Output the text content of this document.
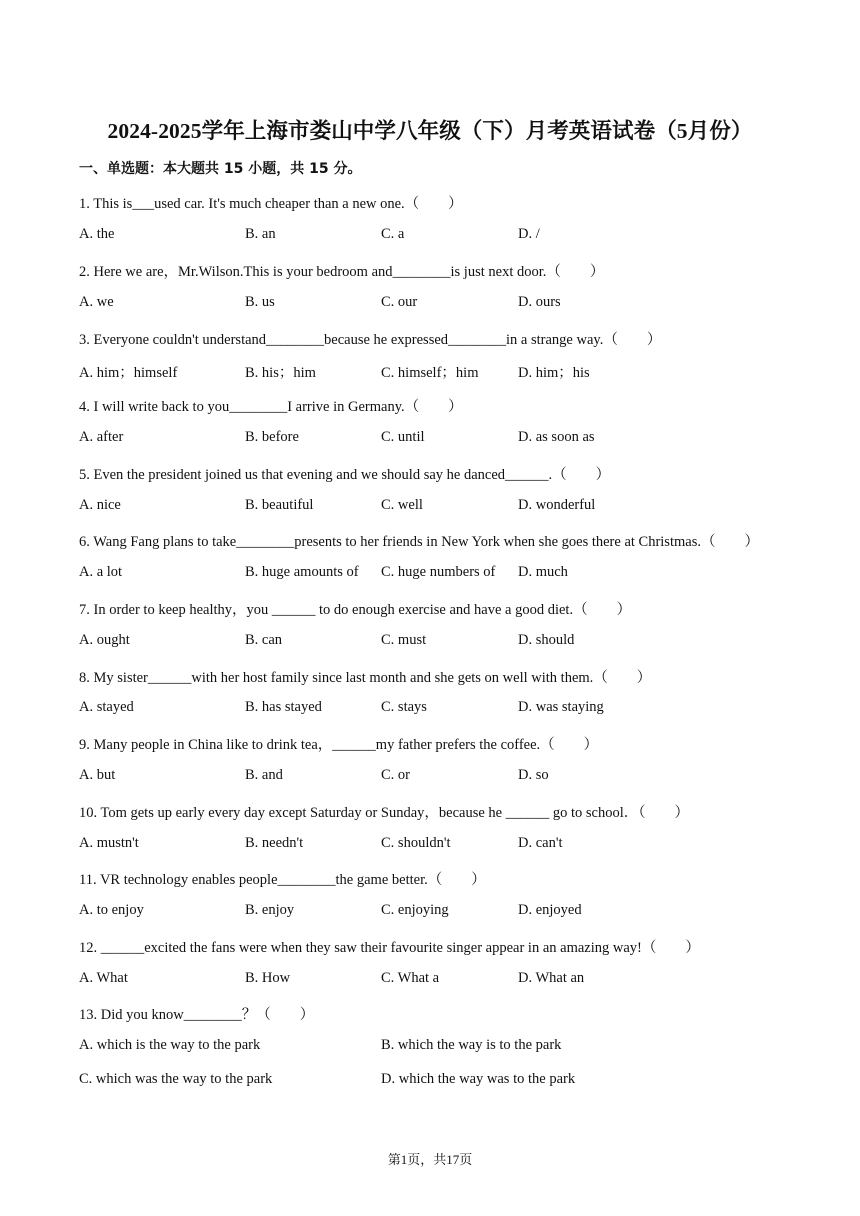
2024-2025学年上海市娄山中学八年级（下）月考英语试卷（5月份）
一、单选题：本大题共 15 小题，共 15 分。
1. This is___used car. It's much cheaper than a new one.（　　）
A. the	B. an	C. a	D. /
2. Here we are，Mr.Wilson.This is your bedroom and________is just next door.（　　）
A. we	B. us	C. our	D. ours
3. Everyone couldn't understand________because he expressed________in a strange way.（　　）
A. him；himself	B. his；him	C. himself；him	D. him；his
4. I will write back to you________I arrive in Germany.（　　）
A. after	B. before	C. until	D. as soon as
5. Even the president joined us that evening and we should say he danced______.（　　）
A. nice	B. beautiful	C. well	D. wonderful
6. Wang Fang plans to take________presents to her friends in New York when she goes there at Christmas.（　　）
A. a lot	B. huge amounts of C. huge numbers of D. much
7. In order to keep healthy，you ______ to do enough exercise and have a good diet.（　　）
A. ought	B. can	C. must	D. should
8. My sister______with her host family since last month and she gets on well with them.（　　）
A. stayed	B. has stayed	C. stays	D. was staying
9. Many people in China like to drink tea，______my father prefers the coffee.（　　）
A. but	B. and	C. or	D. so
10. Tom gets up early every day except Saturday or Sunday，because he ______ go to school．（　　）
A. mustn't	B. needn't	C. shouldn't	D. can't
11. VR technology enables people________the game better.（　　）
A. to enjoy	B. enjoy	C. enjoying	D. enjoyed
12. ______excited the fans were when they saw their favourite singer appear in an amazing way!（　　）
A. What	B. How	C. What a	D. What an
13. Did you know________？（　　）
A. which is the way to the park	B. which the way is to the park
C. which was the way to the park	D. which the way was to the park
第1页，共17页
